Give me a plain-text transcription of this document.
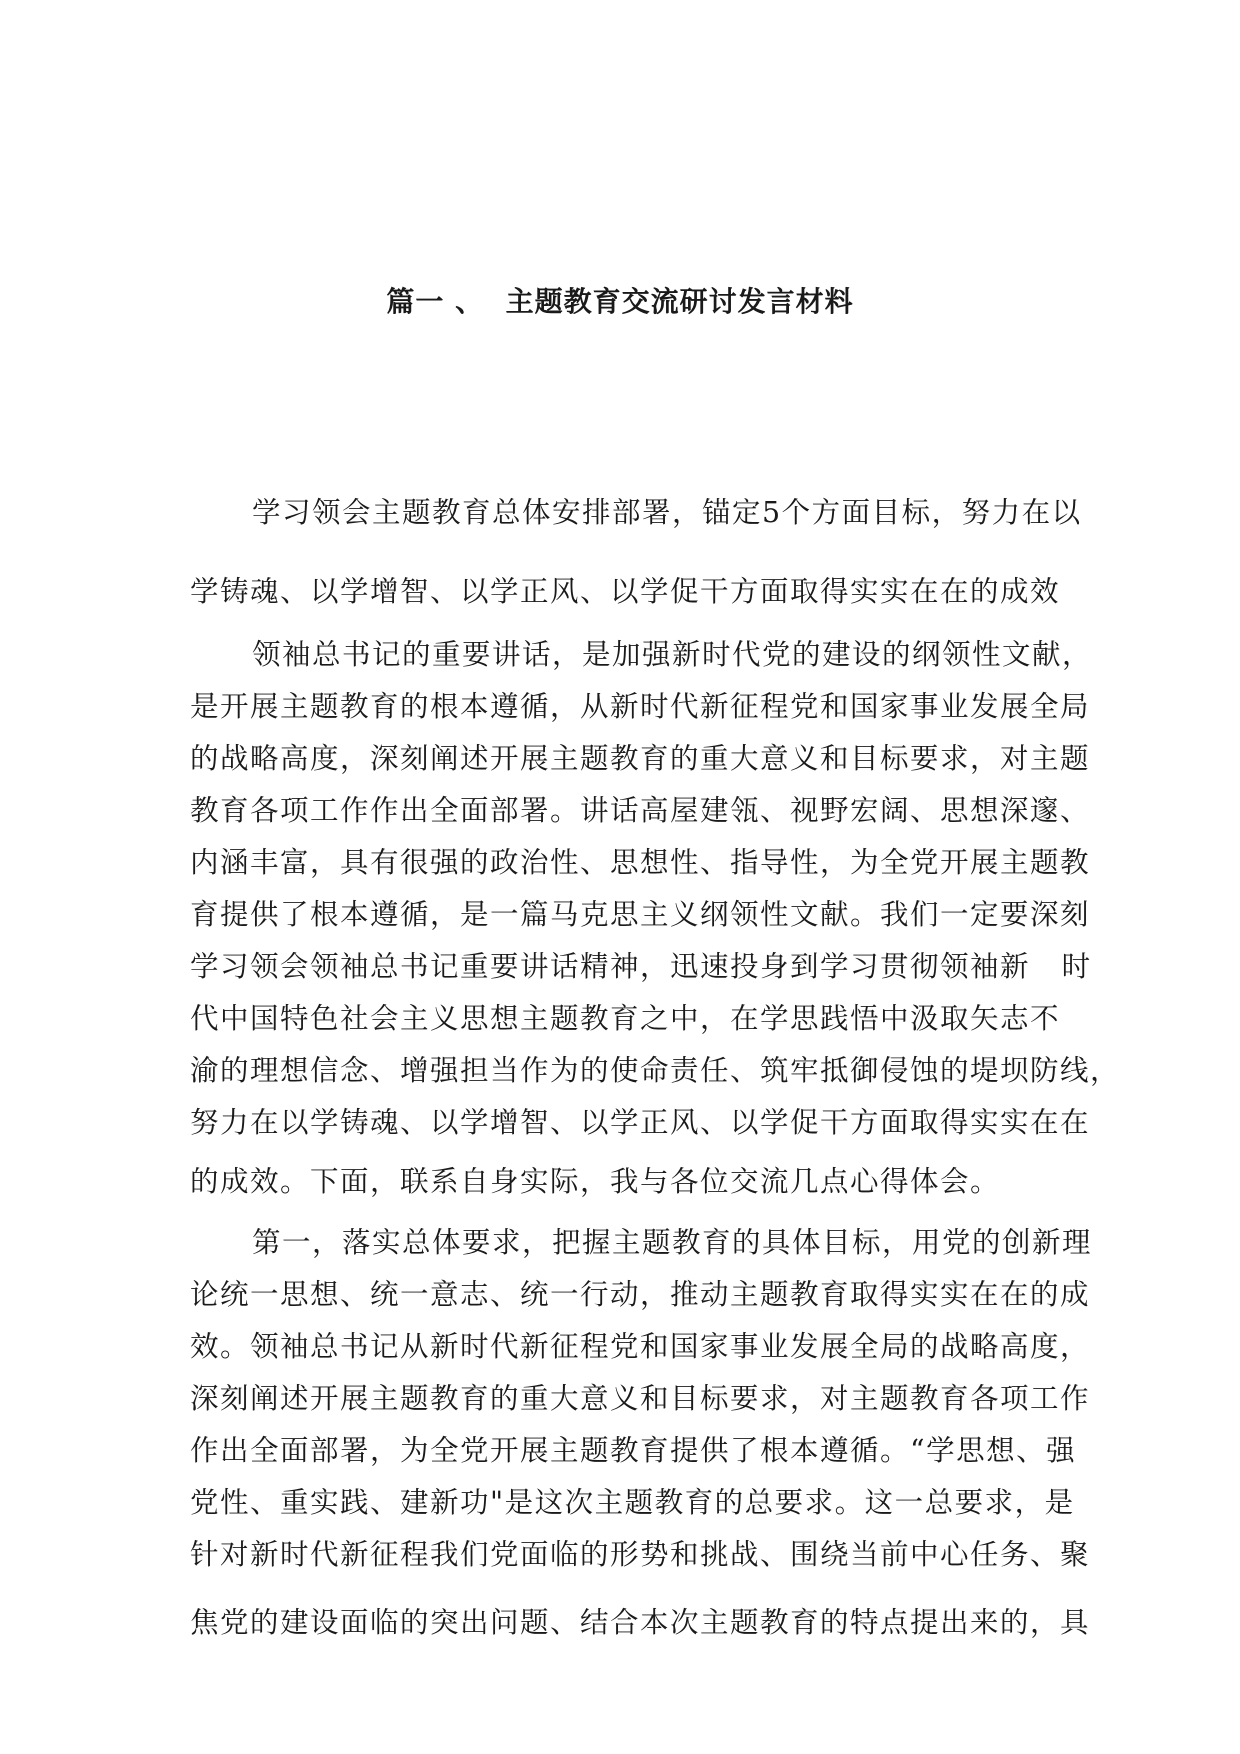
篇一 、  主题教育交流研讨发言材料
学习领会主题教育总体安排部署，锚定5个方面目标，努力在以
学铸魂、以学增智、以学正风、以学促干方面取得实实在在的成效
领袖总书记的重要讲话，是加强新时代党的建设的纲领性文献，
是开展主题教育的根本遵循，从新时代新征程党和国家事业发展全局
的战略高度，深刻阐述开展主题教育的重大意义和目标要求，对主题
教育各项工作作出全面部署。讲话高屋建瓴、视野宏阔、思想深邃、
内涵丰富，具有很强的政治性、思想性、指导性，为全党开展主题教
育提供了根本遵循，是一篇马克思主义纲领性文献。我们一定要深刻
学习领会领袖总书记重要讲话精神，迅速投身到学习贯彻领袖新   时
代中国特色社会主义思想主题教育之中，在学思践悟中汲取矢志不
渝的理想信念、增强担当作为的使命责任、筑牢抵御侵蚀的堤坝防线，
努力在以学铸魂、以学增智、以学正风、以学促干方面取得实实在在
的成效。下面，联系自身实际，我与各位交流几点心得体会。
第一，落实总体要求，把握主题教育的具体目标，用党的创新理
论统一思想、统一意志、统一行动，推动主题教育取得实实在在的成
效。领袖总书记从新时代新征程党和国家事业发展全局的战略高度，
深刻阐述开展主题教育的重大意义和目标要求，对主题教育各项工作
作出全面部署，为全党开展主题教育提供了根本遵循。“学思想、强
党性、重实践、建新功"是这次主题教育的总要求。这一总要求，是
针对新时代新征程我们党面临的形势和挑战、围绕当前中心任务、聚
焦党的建设面临的突出问题、结合本次主题教育的特点提出来的，具
